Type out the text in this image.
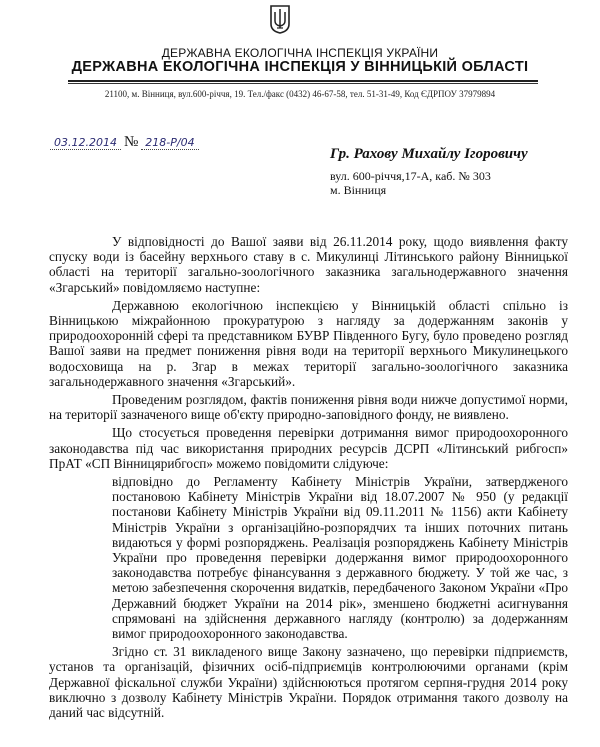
ДЕРЖАВНА ЕКОЛОГІЧНА ІНСПЕКЦІЯ УКРАЇНИ
ДЕРЖАВНА ЕКОЛОГІЧНА ІНСПЕКЦІЯ У ВІННИЦЬКІЙ ОБЛАСТІ
21100, м. Вінниця, вул.600-річчя, 19. Тел./факс (0432) 46-67-58, тел. 51-31-49, Код ЄДРПОУ 37979894
03.12.2014 № 218-Р/04
Гр. Рахову Михайлу Ігоровичу
вул. 600-річчя,17-А, каб. № 303
м. Вінниця

У відповідності до Вашої заяви від 26.11.2014 року, щодо виявлення факту спуску води із басейну верхнього ставу в с. Микулинці Літинського району Вінницької області на території загально-зоологічного заказника загальнодержавного значення «Згарський» повідомляємо наступне:

Державною екологічною інспекцією у Вінницькій області спільно із Вінницькою міжрайонною прокуратурою з нагляду за додержанням законів у природоохоронній сфері та представником БУВР Південного Бугу, було проведено розгляд Вашої заяви на предмет пониження рівня води на території верхнього Микулинецького водосховища на р. Згар в межах території загально-зоологічного заказника загальнодержавного значення «Згарський».

Проведеним розглядом, фактів пониження рівня води нижче допустимої норми, на території зазначеного вище об'єкту природно-заповідного фонду, не виявлено.

Що стосується проведення перевірки дотримання вимог природоохоронного законодавства під час використання природних ресурсів ДСРП «Літинський рибгосп» ПрАТ «СП Вінницярибгосп» можемо повідомити слідуюче:

відповідно до Регламенту Кабінету Міністрів України, затвердженого постановою Кабінету Міністрів України від 18.07.2007 № 950 (у редакції постанови Кабінету Міністрів України від 09.11.2011 № 1156) акти Кабінету Міністрів України з організаційно-розпорядчих та інших поточних питань видаються у формі розпоряджень. Реалізація розпоряджень Кабінету Міністрів України про проведення перевірки додержання вимог природоохоронного законодавства потребує фінансування з державного бюджету. У той же час, з метою забезпечення скорочення видатків, передбаченого Законом України «Про Державний бюджет України на 2014 рік», зменшено бюджетні асигнування спрямовані на здійснення державного нагляду (контролю) за додержанням вимог природоохоронного законодавства.

Згідно ст. 31 викладеного вище Закону зазначено, що перевірки підприємств, установ та організацій, фізичних осіб-підприємців контролюючими органами (крім Державної фіскальної служби України) здійснюються протягом серпня-грудня 2014 року виключно з дозволу Кабінету Міністрів України. Порядок отримання такого дозволу на даний час відсутній.
